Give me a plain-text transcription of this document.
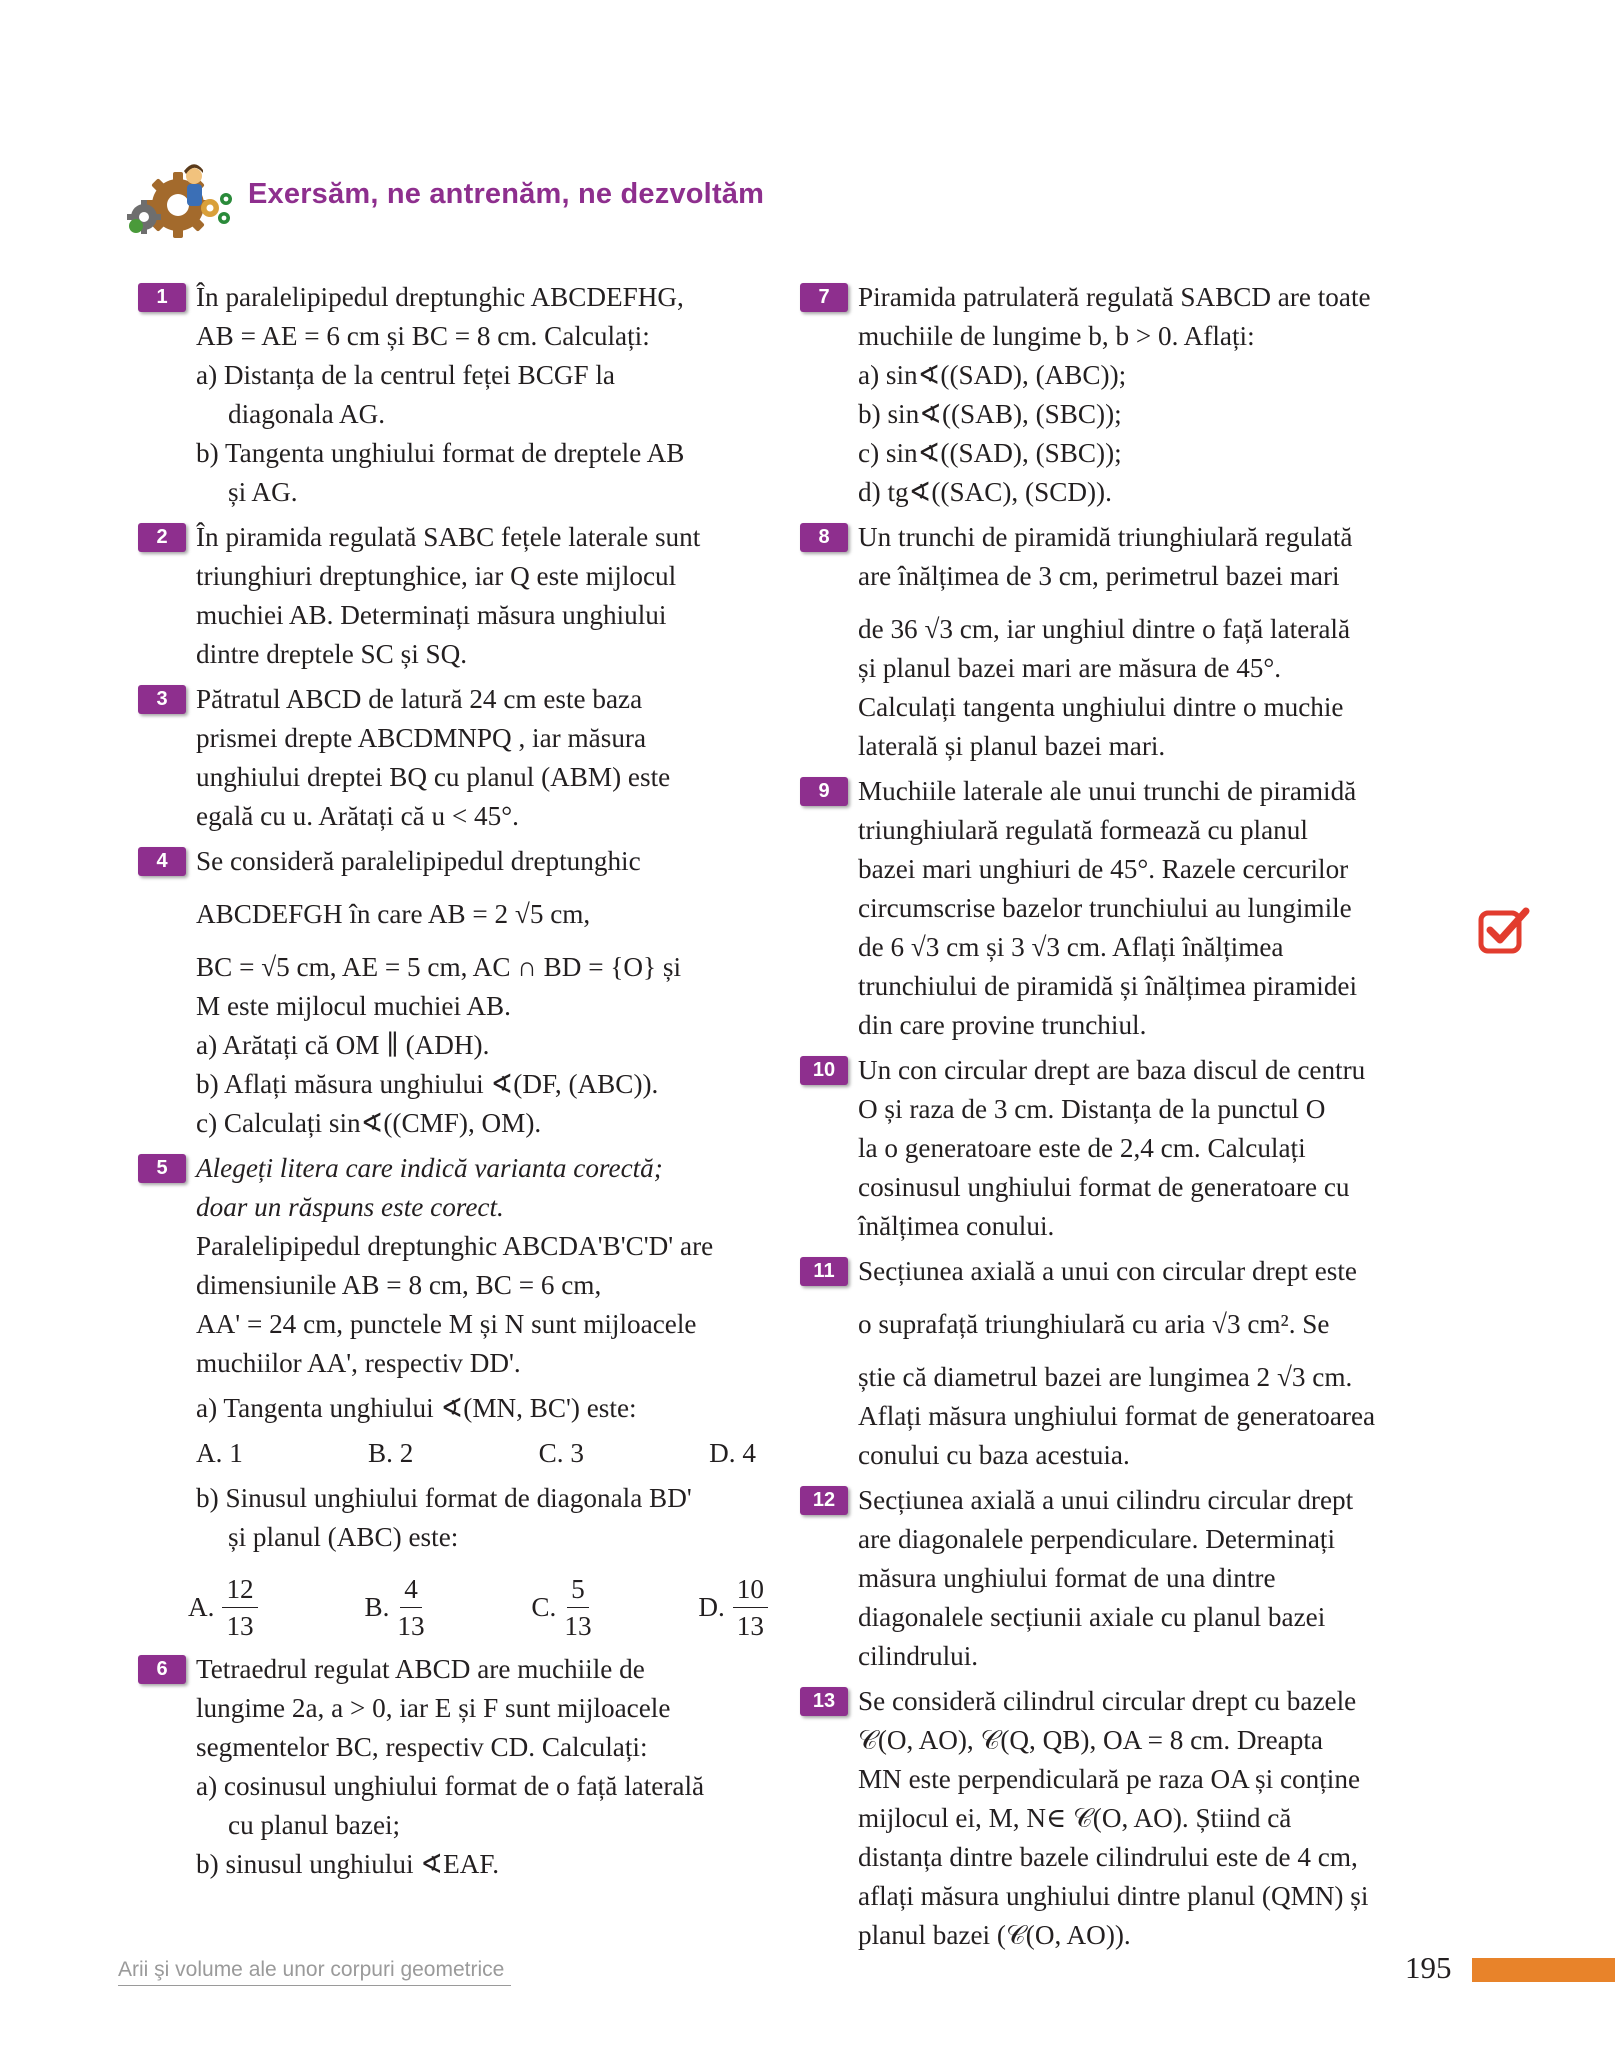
Exersăm, ne antrenăm, ne dezvoltăm
1	În paralelipipedul dreptunghic ABCDEFHG,
AB = AE = 6 cm și BC = 8 cm. Calculați:
a) Distanța de la centrul feței BCGF la
diagonala AG.
b) Tangenta unghiului format de dreptele AB
și AG.
2	În piramida regulată SABC fețele laterale sunt
triunghiuri dreptunghice, iar Q este mijlocul
muchiei AB. Determinați măsura unghiului
dintre dreptele SC și SQ.
3	Pătratul ABCD de latură 24 cm este baza
prismei drepte ABCDMNPQ , iar măsura
unghiului dreptei BQ cu planul (ABM) este
egală cu u. Arătați că u < 45°.
4	Se consideră paralelipipedul dreptunghic
ABCDEFGH în care AB = 2 √5 cm,
BC = √5 cm, AE = 5 cm, AC ∩ BD = {O} și
M este mijlocul muchiei AB.
a) Arătați că OM ∥ (ADH).
b) Aflați măsura unghiului ∢(DF, (ABC)).
c) Calculați sin∢((CMF), OM).
5	Alegeți litera care indică varianta corectă;
doar un răspuns este corect.
Paralelipipedul dreptunghic ABCDA'B'C'D' are
dimensiunile AB = 8 cm, BC = 6 cm,
AA' = 24 cm, punctele M și N sunt mijloacele
muchiilor AA', respectiv DD'.
a) Tangenta unghiului ∢(MN, BC') este:
A. 1	B. 2	C. 3	D. 4
b) Sinusul unghiului format de diagonala BD'
și planul (ABC) este:
A. $\frac{12}{13}$	B. $\frac{4}{13}$	C. $\frac{5}{13}$	D. $\frac{10}{13}$
6	Tetraedrul regulat ABCD are muchiile de
lungime 2a, a > 0, iar E și F sunt mijloacele
segmentelor BC, respectiv CD. Calculați:
a) cosinusul unghiului format de o față laterală
cu planul bazei;
b) sinusul unghiului ∢EAF.
7	Piramida patrulateră regulată SABCD are toate
muchiile de lungime b, b > 0. Aflați:
a) sin∢((SAD), (ABC));
b) sin∢((SAB), (SBC));
c) sin∢((SAD), (SBC));
d) tg∢((SAC), (SCD)).
8	Un trunchi de piramidă triunghiulară regulată
are înălțimea de 3 cm, perimetrul bazei mari
de 36 √3 cm, iar unghiul dintre o față laterală
și planul bazei mari are măsura de 45°.
Calculați tangenta unghiului dintre o muchie
laterală și planul bazei mari.
9	Muchiile laterale ale unui trunchi de piramidă
triunghiulară regulată formează cu planul
bazei mari unghiuri de 45°. Razele cercurilor
circumscrise bazelor trunchiului au lungimile
de 6 √3 cm și 3 √3 cm. Aflați înălțimea
trunchiului de piramidă și înălțimea piramidei
din care provine trunchiul.
10 Un con circular drept are baza discul de centru
O și raza de 3 cm. Distanța de la punctul O
la o generatoare este de 2,4 cm. Calculați
cosinusul unghiului format de generatoare cu
înălțimea conului.
11 Secțiunea axială a unui con circular drept este
o suprafață triunghiulară cu aria √3 cm². Se
știe că diametrul bazei are lungimea 2 √3 cm.
Aflați măsura unghiului format de generatoarea
conului cu baza acestuia.
12 Secțiunea axială a unui cilindru circular drept
are diagonalele perpendiculare. Determinați
măsura unghiului format de una dintre
diagonalele secțiunii axiale cu planul bazei
cilindrului.
13 Se consideră cilindrul circular drept cu bazele
𝒞(O, AO), 𝒞(Q, QB), OA = 8 cm. Dreapta
MN este perpendiculară pe raza OA și conține
mijlocul ei, M, N∈ 𝒞(O, AO). Știind că
distanța dintre bazele cilindrului este de 4 cm,
aflați măsura unghiului dintre planul (QMN) și
planul bazei (𝒞(O, AO)).
Arii şi volume ale unor corpuri geometrice	195
